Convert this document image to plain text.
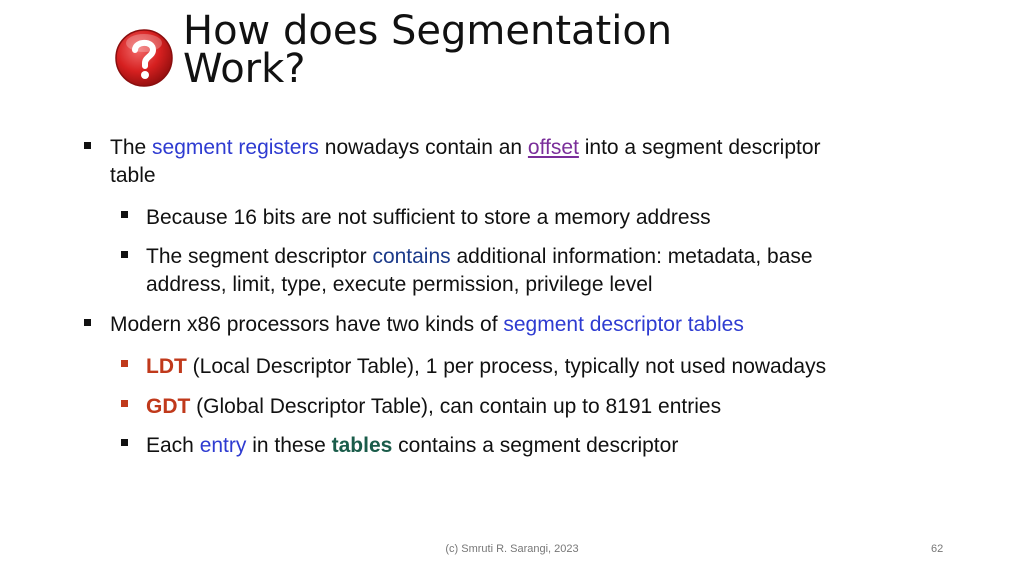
How does Segmentation
Work?
The segment registers nowadays contain an offset into a segment descriptor
table
Because 16 bits are not sufficient to store a memory address
The segment descriptor contains additional information: metadata, base
address, limit, type, execute permission, privilege level
Modern x86 processors have two kinds of segment descriptor tables
LDT (Local Descriptor Table), 1 per process, typically not used nowadays
GDT (Global Descriptor Table), can contain up to 8191 entries
Each entry in these tables contains a segment descriptor
(c) Smruti R. Sarangi, 2023	62
